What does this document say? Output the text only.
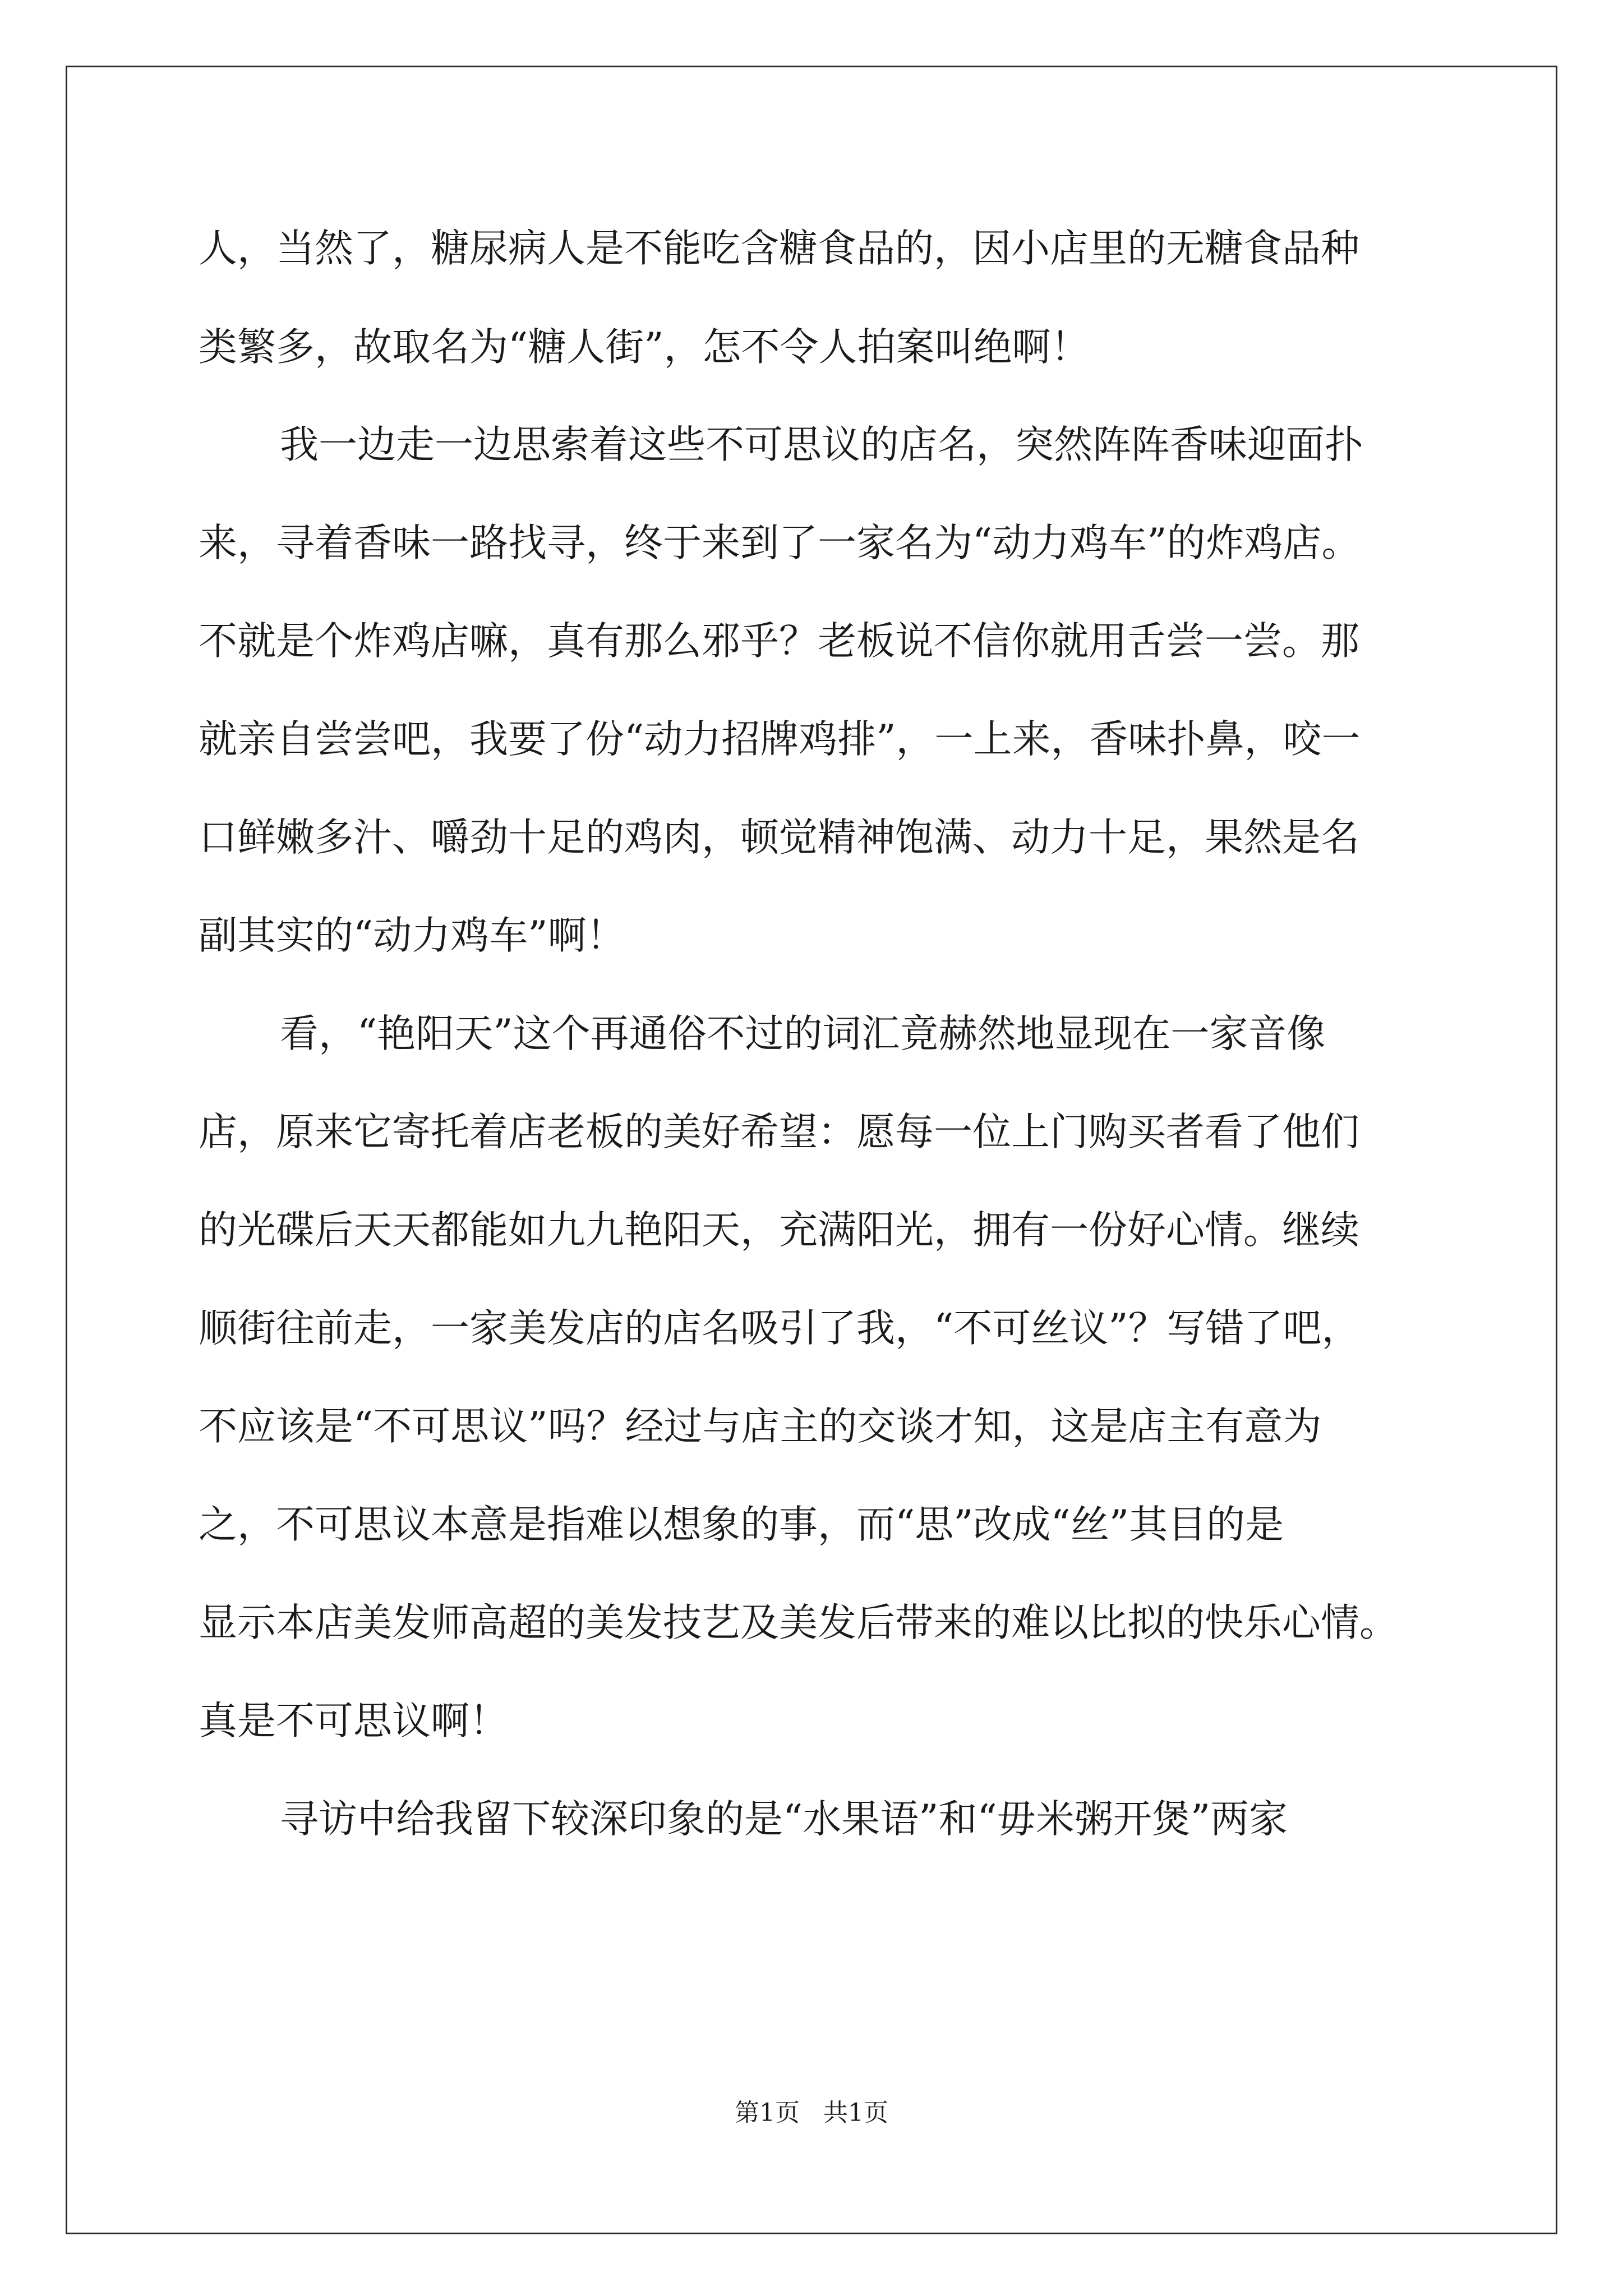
人，当然了，糖尿病人是不能吃含糖食品的，因小店里的无糖食品种
类繁多，故取名为“糖人街”，怎不令人拍案叫绝啊！
我一边走一边思索着这些不可思议的店名，突然阵阵香味迎面扑
来，寻着香味一路找寻，终于来到了一家名为“动力鸡车”的炸鸡店。
不就是个炸鸡店嘛，真有那么邪乎？老板说不信你就用舌尝一尝。那
就亲自尝尝吧，我要了份“动力招牌鸡排”，一上来，香味扑鼻，咬一
口鲜嫩多汁、嚼劲十足的鸡肉，顿觉精神饱满、动力十足，果然是名
副其实的“动力鸡车”啊！
看，“艳阳天”这个再通俗不过的词汇竟赫然地显现在一家音像
店，原来它寄托着店老板的美好希望：愿每一位上门购买者看了他们
的光碟后天天都能如九九艳阳天，充满阳光，拥有一份好心情。继续
顺街往前走，一家美发店的店名吸引了我，“不可丝议”？写错了吧，
不应该是“不可思议”吗？经过与店主的交谈才知，这是店主有意为
之，不可思议本意是指难以想象的事，而“思”改成“丝”其目的是
显示本店美发师高超的美发技艺及美发后带来的难以比拟的快乐心情。
真是不可思议啊！
寻访中给我留下较深印象的是“水果语”和“毋米粥开煲”两家
第1页   共1页
